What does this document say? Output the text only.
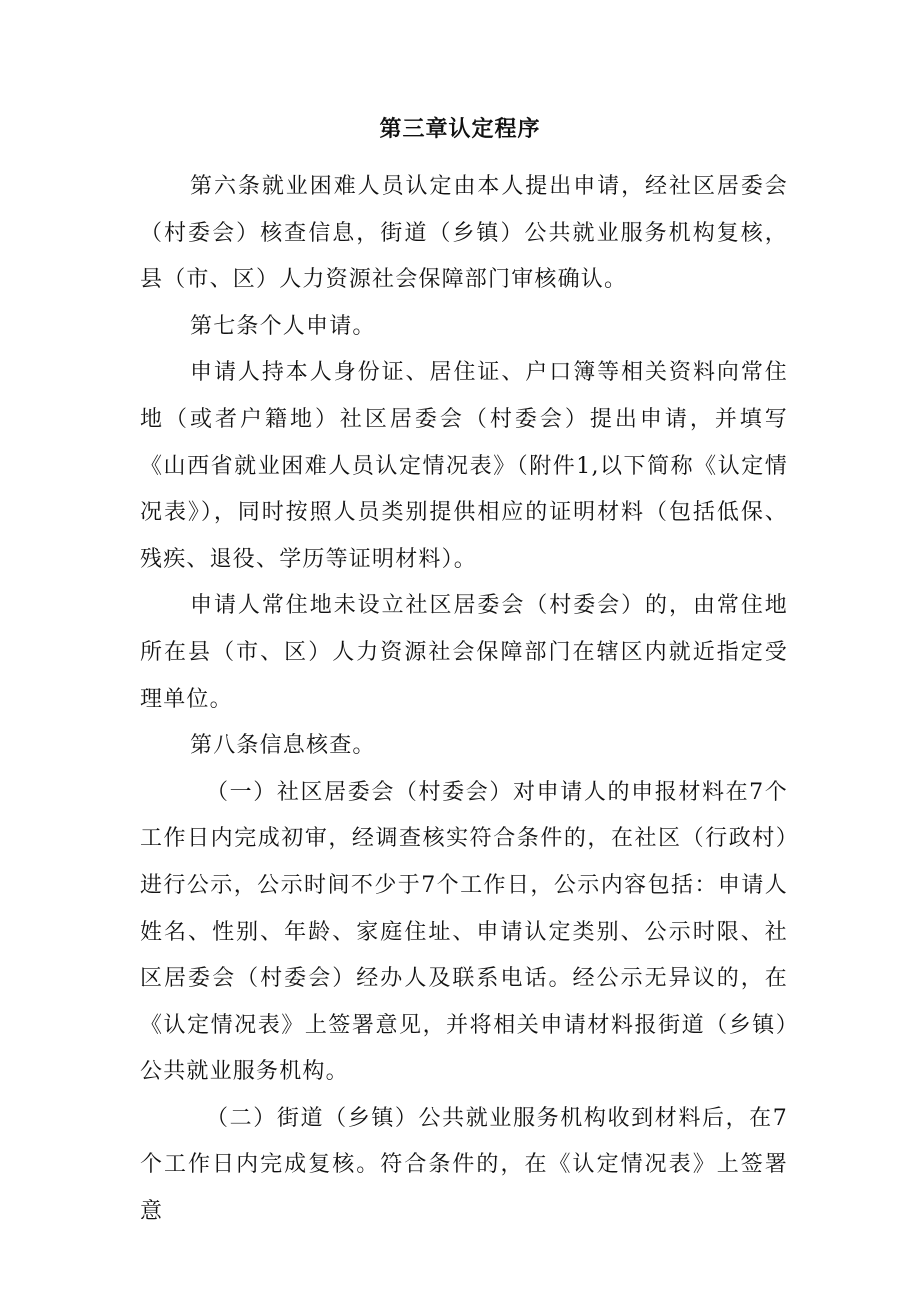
第三章认定程序

第六条就业困难人员认定由本人提出申请，经社区居委会（村委会）核查信息，街道（乡镇）公共就业服务机构复核，县（市、区）人力资源社会保障部门审核确认。

第七条个人申请。

申请人持本人身份证、居住证、户口簿等相关资料向常住地（或者户籍地）社区居委会（村委会）提出申请，并填写《山西省就业困难人员认定情况表》（附件1,以下简称《认定情况表》），同时按照人员类别提供相应的证明材料（包括低保、残疾、退役、学历等证明材料）。

申请人常住地未设立社区居委会（村委会）的，由常住地所在县（市、区）人力资源社会保障部门在辖区内就近指定受理单位。

第八条信息核查。

（一）社区居委会（村委会）对申请人的申报材料在7个工作日内完成初审，经调查核实符合条件的，在社区（行政村）进行公示，公示时间不少于7个工作日，公示内容包括：申请人姓名、性别、年龄、家庭住址、申请认定类别、公示时限、社区居委会（村委会）经办人及联系电话。经公示无异议的，在《认定情况表》上签署意见，并将相关申请材料报街道（乡镇）公共就业服务机构。

（二）街道（乡镇）公共就业服务机构收到材料后，在7个工作日内完成复核。符合条件的，在《认定情况表》上签署意
